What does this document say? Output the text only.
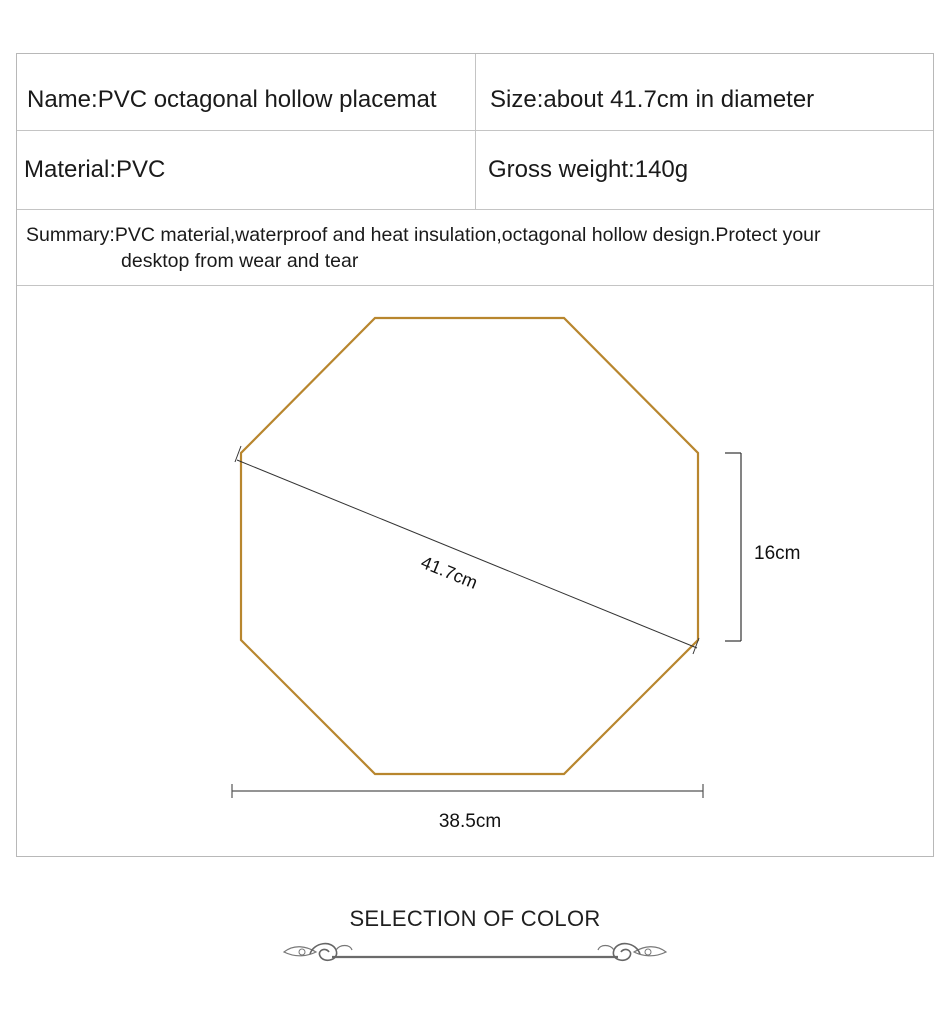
Name:PVC octagonal hollow placemat	Size:about 41.7cm in diameter
Material:PVC	Gross weight:140g
Summary:PVC material,waterproof and heat insulation,octagonal hollow design.Protect your
desktop from wear and tear
41.7cm	16cm
38.5cm
SELECTION OF COLOR
